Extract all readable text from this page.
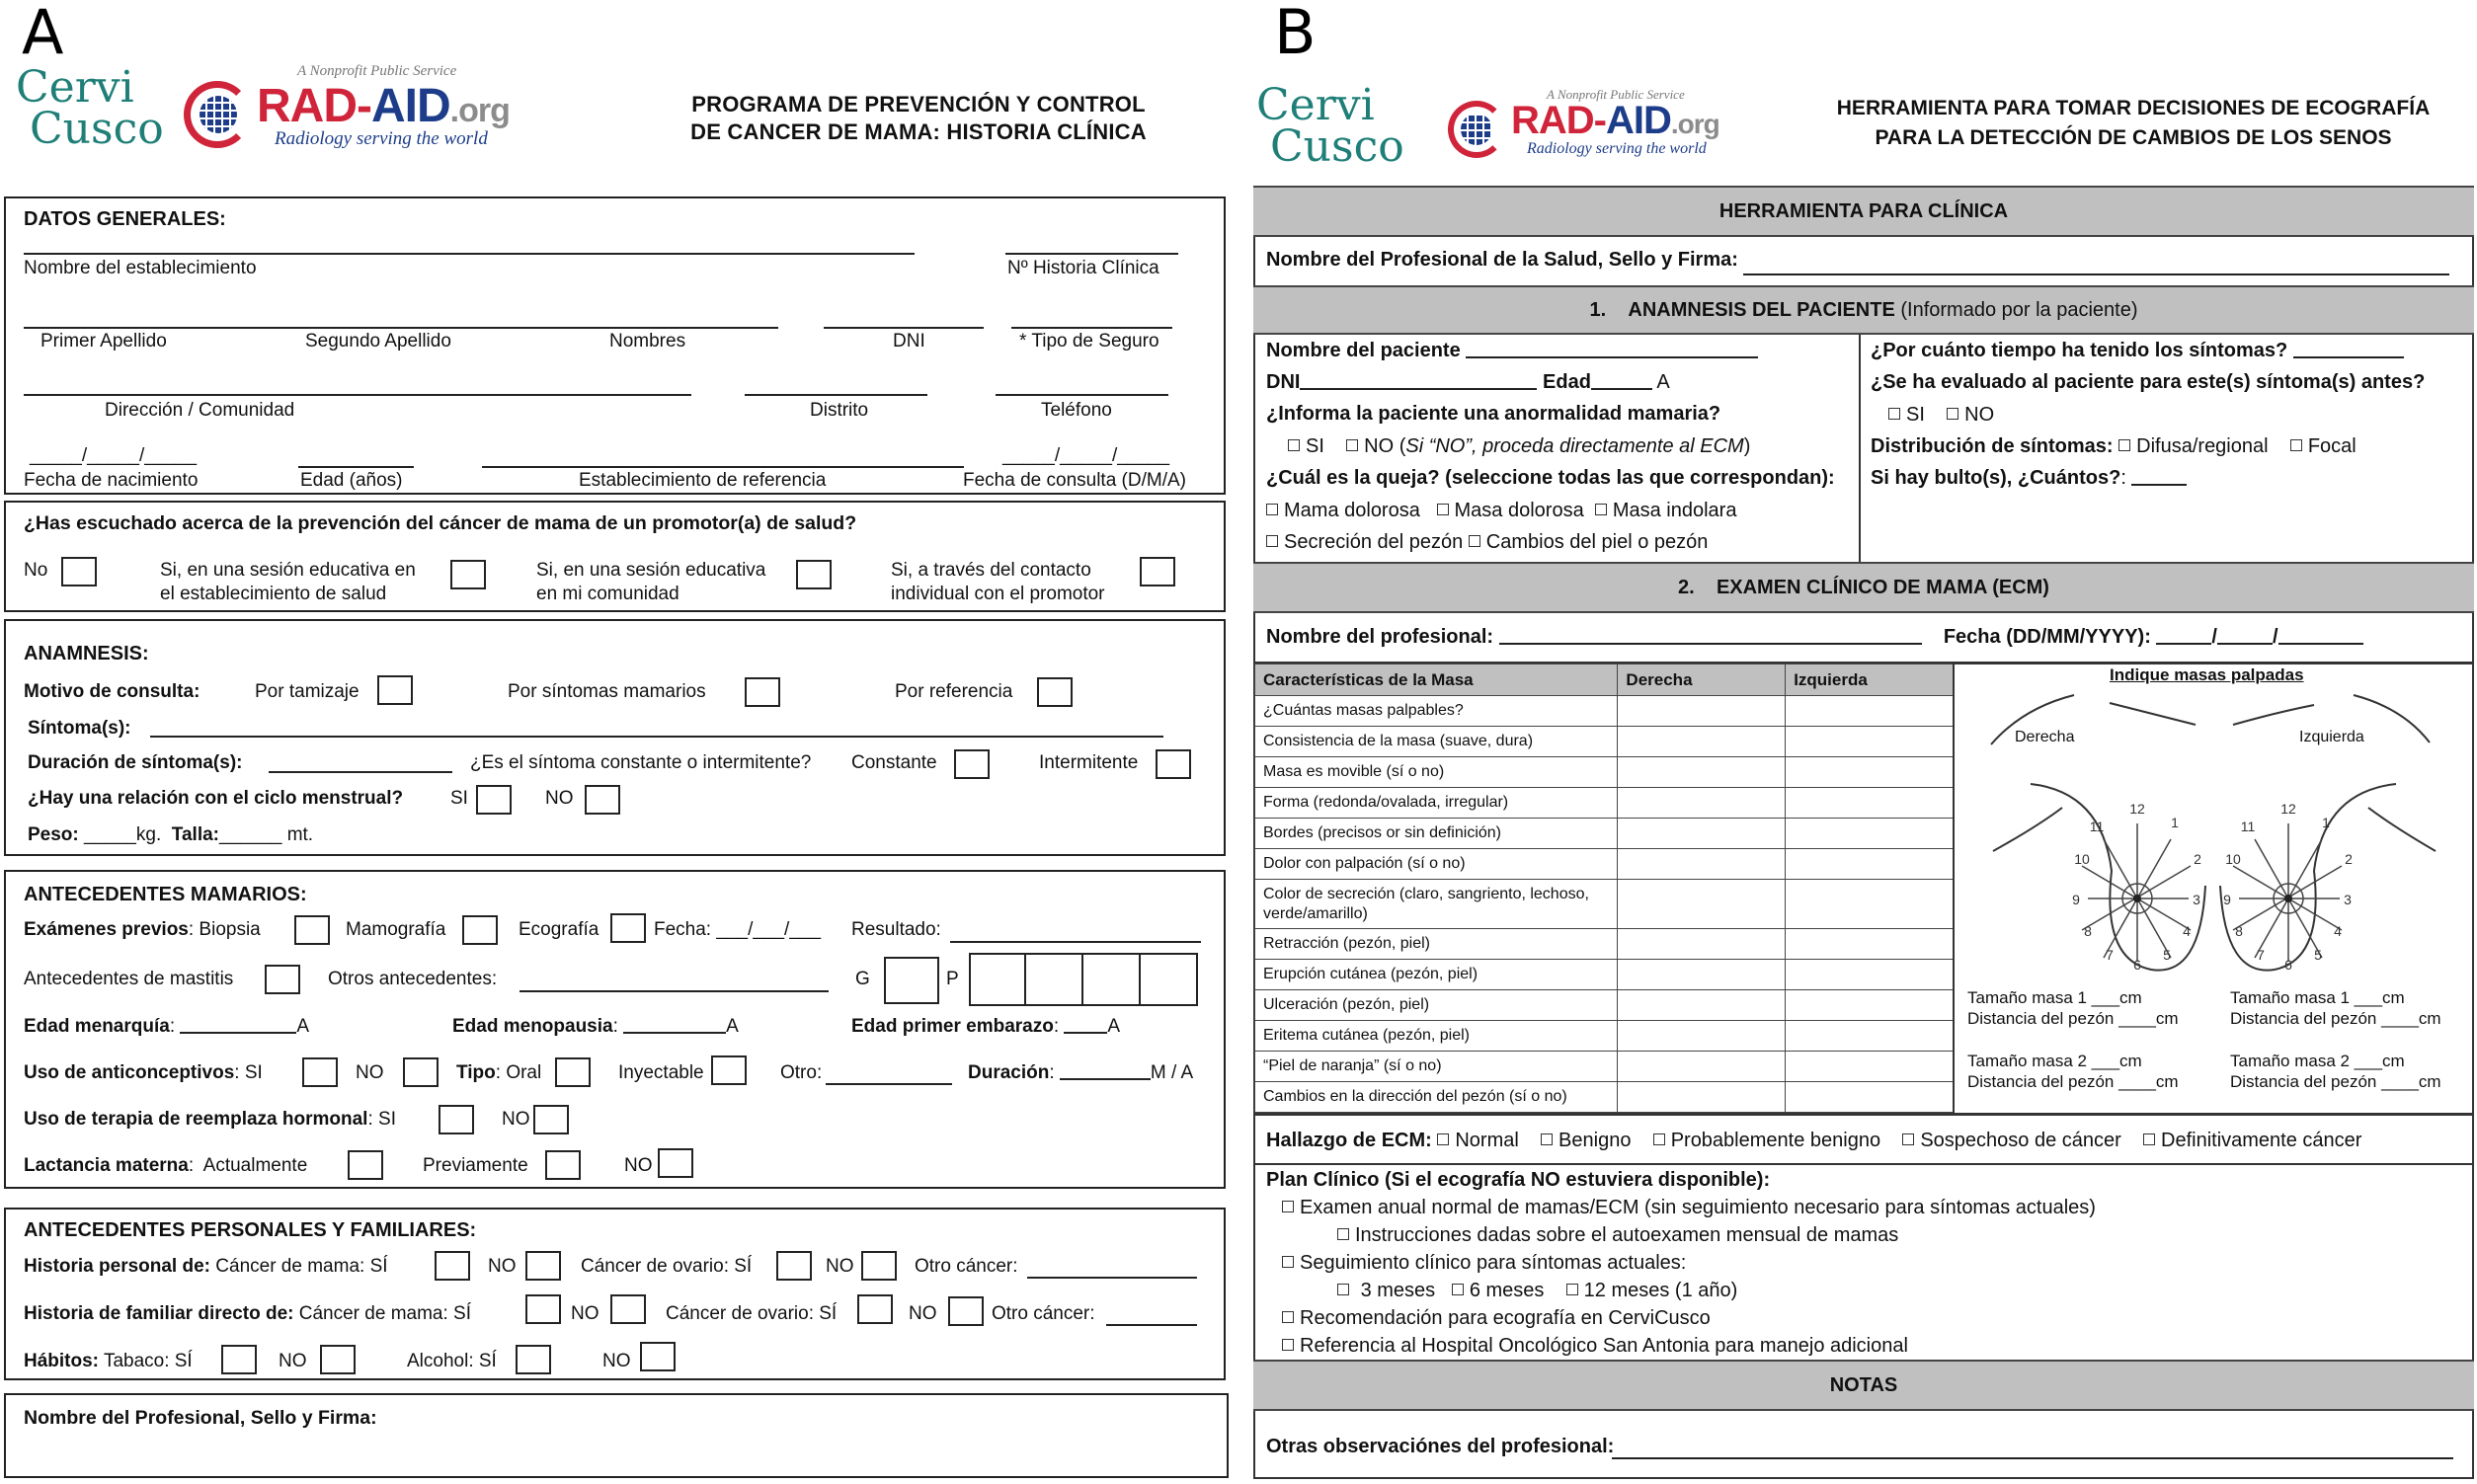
A
Cervi
Cusco
A Nonprofit Public Service
RAD-AID.org
Radiology serving the world
PROGRAMA DE PREVENCIÓN Y CONTROL
DE CANCER DE MAMA: HISTORIA CLÍNICA
DATOS GENERALES:
Nombre del establecimiento	Nº Historia Clínica
Primer Apellido	Segundo Apellido	Nombres	DNI	* Tipo de Seguro
Dirección / Comunidad	Distrito	Teléfono
_____/_____/_____
Fecha de nacimiento	Edad (años)	Establecimiento de referencia
_____/_____/_____
Fecha de consulta (D/M/A)
¿Has escuchado acerca de la prevención del cáncer de mama de un promotor(a) de salud?
No	Si, en una sesión educativa en
el establecimiento de salud
Si, en una sesión educativa
en mi comunidad
Si, a través del contacto
individual con el promotor
ANAMNESIS:
Motivo de consulta:	Por tamizaje	Por síntomas mamarios	Por referencia
Síntoma(s):
Duración de síntoma(s):	¿Es el síntoma constante o intermitente? Constante	Intermitente
¿Hay una relación con el ciclo menstrual?	SI	NO
Peso: _____kg. Talla:______ mt.
ANTECEDENTES MAMARIOS:
Exámenes previos: Biopsia	Mamografía	Ecografía	Fecha: ___/___/___ Resultado:
Antecedentes de mastitis	Otros antecedentes:	G	P
Edad menarquía:	A	Edad menopausia:	A	Edad primer embarazo: A
Uso de anticonceptivos: SI	NO	Tipo: Oral	Inyectable	Otro:	Duración:	M / A
Uso de terapia de reemplaza hormonal: SI	NO
Lactancia materna:  Actualmente	Previamente	NO
ANTECEDENTES PERSONALES Y FAMILIARES:
Historia personal de: Cáncer de mama: SÍ	NO	Cáncer de ovario: SÍ	NO	Otro cáncer:
Historia de familiar directo de: Cáncer de mama: SÍ	NO	Cáncer de ovario: SÍ	NO	Otro cáncer:
Hábitos: Tabaco: SÍ	NO	Alcohol: SÍ	NO
Nombre del Profesional, Sello y Firma:
B
Cervi
Cusco
A Nonprofit Public Service
RAD-AID.org
Radiology serving the world
HERRAMIENTA PARA TOMAR DECISIONES DE ECOGRAFÍA
PARA LA DETECCIÓN DE CAMBIOS DE LOS SENOS
HERRAMIENTA PARA CLÍNICA
Nombre del Profesional de la Salud, Sello y Firma:
1. ANAMNESIS DEL PACIENTE (Informado por la paciente)
Nombre del paciente
DNI	Edad	A
¿Informa la paciente una anormalidad mamaria?
SI NO (Si “NO”, proceda directamente al ECM)
¿Cuál es la queja? (seleccione todas las que correspondan):
Mama dolorosa Masa dolorosa Masa indolara
Secreción del pezón Cambios del piel o pezón
¿Por cuánto tiempo ha tenido los síntomas?
¿Se ha evaluado al paciente para este(s) síntoma(s) antes?
SI NO
Distribución de síntomas: Difusa/regional Focal
Si hay bulto(s), ¿Cuántos?:
2. EXAMEN CLÍNICO DE MAMA (ECM)
Nombre del profesional:	Fecha (DD/MM/YYYY):	/	/
Características de la Masa	Derecha	Izquierda
¿Cuántas masas palpables?		
Consistencia de la masa (suave, dura)		
Masa es movible (sí o no)		
Forma (redonda/ovalada, irregular)		
Bordes (precisos or sin definición)		
Dolor con palpación (sí o no)		
Color de secreción (claro, sangriento, lechoso, verde/amarillo)		
Retracción (pezón, piel)		
Erupción cutánea (pezón, piel)		
Ulceración (pezón, piel)		
Eritema cutánea (pezón, piel)		
“Piel de naranja” (sí o no)		
Cambios en la dirección del pezón (sí o no)		
Indique masas palpadas
Derecha	Izquierda
12
1
2
3
4
5
6
7
8
9
10
11
12
1
2
3
4
5
6
7
8
9
10
11
Tamaño masa 1 ___cm
Distancia del pezón ____cm
Tamaño masa 1 ___cm
Distancia del pezón ____cm
Tamaño masa 2 ___cm
Distancia del pezón ____cm
Tamaño masa 2 ___cm
Distancia del pezón ____cm
Hallazgo de ECM: Normal Benigno Probablemente benigno Sospechoso de cáncer Definitivamente cáncer
Plan Clínico (Si el ecografía NO estuviera disponible):
Examen anual normal de mamas/ECM (sin seguimiento necesario para síntomas actuales)
Instrucciones dadas sobre el autoexamen mensual de mamas
Seguimiento clínico para síntomas actuales:
3 meses 6 meses 12 meses (1 año)
Recomendación para ecografía en CerviCusco
Referencia al Hospital Oncológico San Antonia para manejo adicional
NOTAS
Otras observaciónes del profesional:
